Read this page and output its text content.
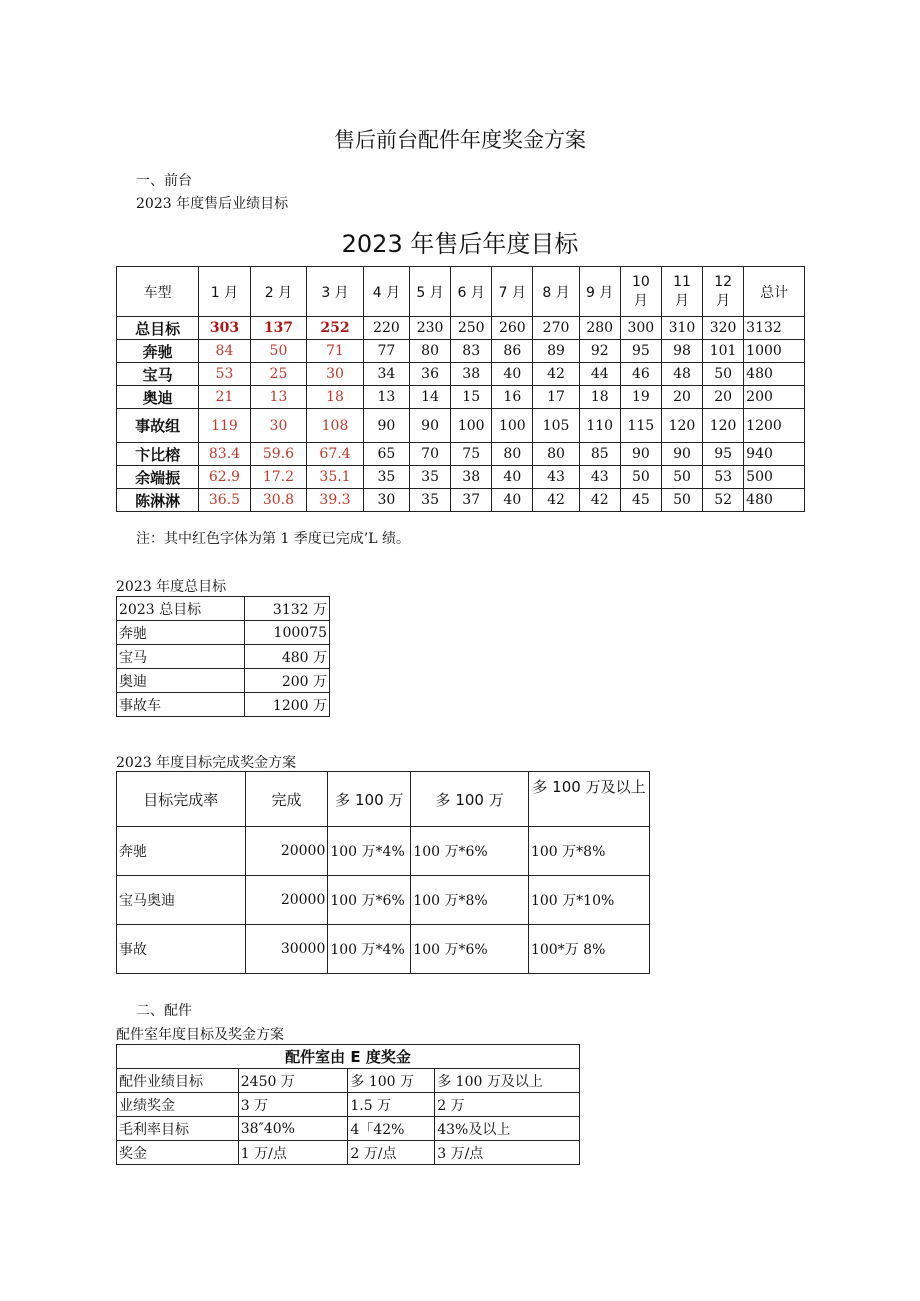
售后前台配件年度奖金方案
一、前台
2023 年度售后业绩目标
2023 年售后年度目标
车型	1 月	2 月	3 月	4 月	5 月	6 月	7 月	8 月	9 月	10 月	11 月	12 月	总计
总目标	303	137	252	220	230	250	260	270	280	300	310	320	3132
奔驰	84	50	71	77	80	83	86	89	92	95	98	101	1000
宝马	53	25	30	34	36	38	40	42	44	46	48	50	480
奥迪	21	13	18	13	14	15	16	17	18	19	20	20	200
事故组	119	30	108	90	90	100	100	105	110	115	120	120	1200
卞比榕	83.4	59.6	67.4	65	70	75	80	80	85	90	90	95	940
余端振	62.9	17.2	35.1	35	35	38	40	43	43	50	50	53	500
陈淋淋	36.5	30.8	39.3	30	35	37	40	42	42	45	50	52	480
注：其中红色字体为第 1 季度已完成’L 绩。
2023 年度总目标
2023 总目标	3132 万
奔驰	100075
宝马	480 万
奥迪	200 万
事故车	1200 万
2023 年度目标完成奖金方案
目标完成率	完成	多 100 万	多 100 万	多 100 万及以上
奔驰	20000	100 万*4%	100 万*6%	100 万*8%
宝马奥迪	20000	100 万*6%	100 万*8%	100 万*10%
事故	30000	100 万*4%	100 万*6%	100*万 8%
二、配件
配件室年度目标及奖金方案
配件室由 E 度奖金			
配件业绩目标	2450 万	多 100 万	多 100 万及以上
业绩奖金	3 万	1.5 万	2 万
毛利率目标	38″40%	4「42%	43%及以上
奖金	1 万/点	2 万/点	3 万/点
